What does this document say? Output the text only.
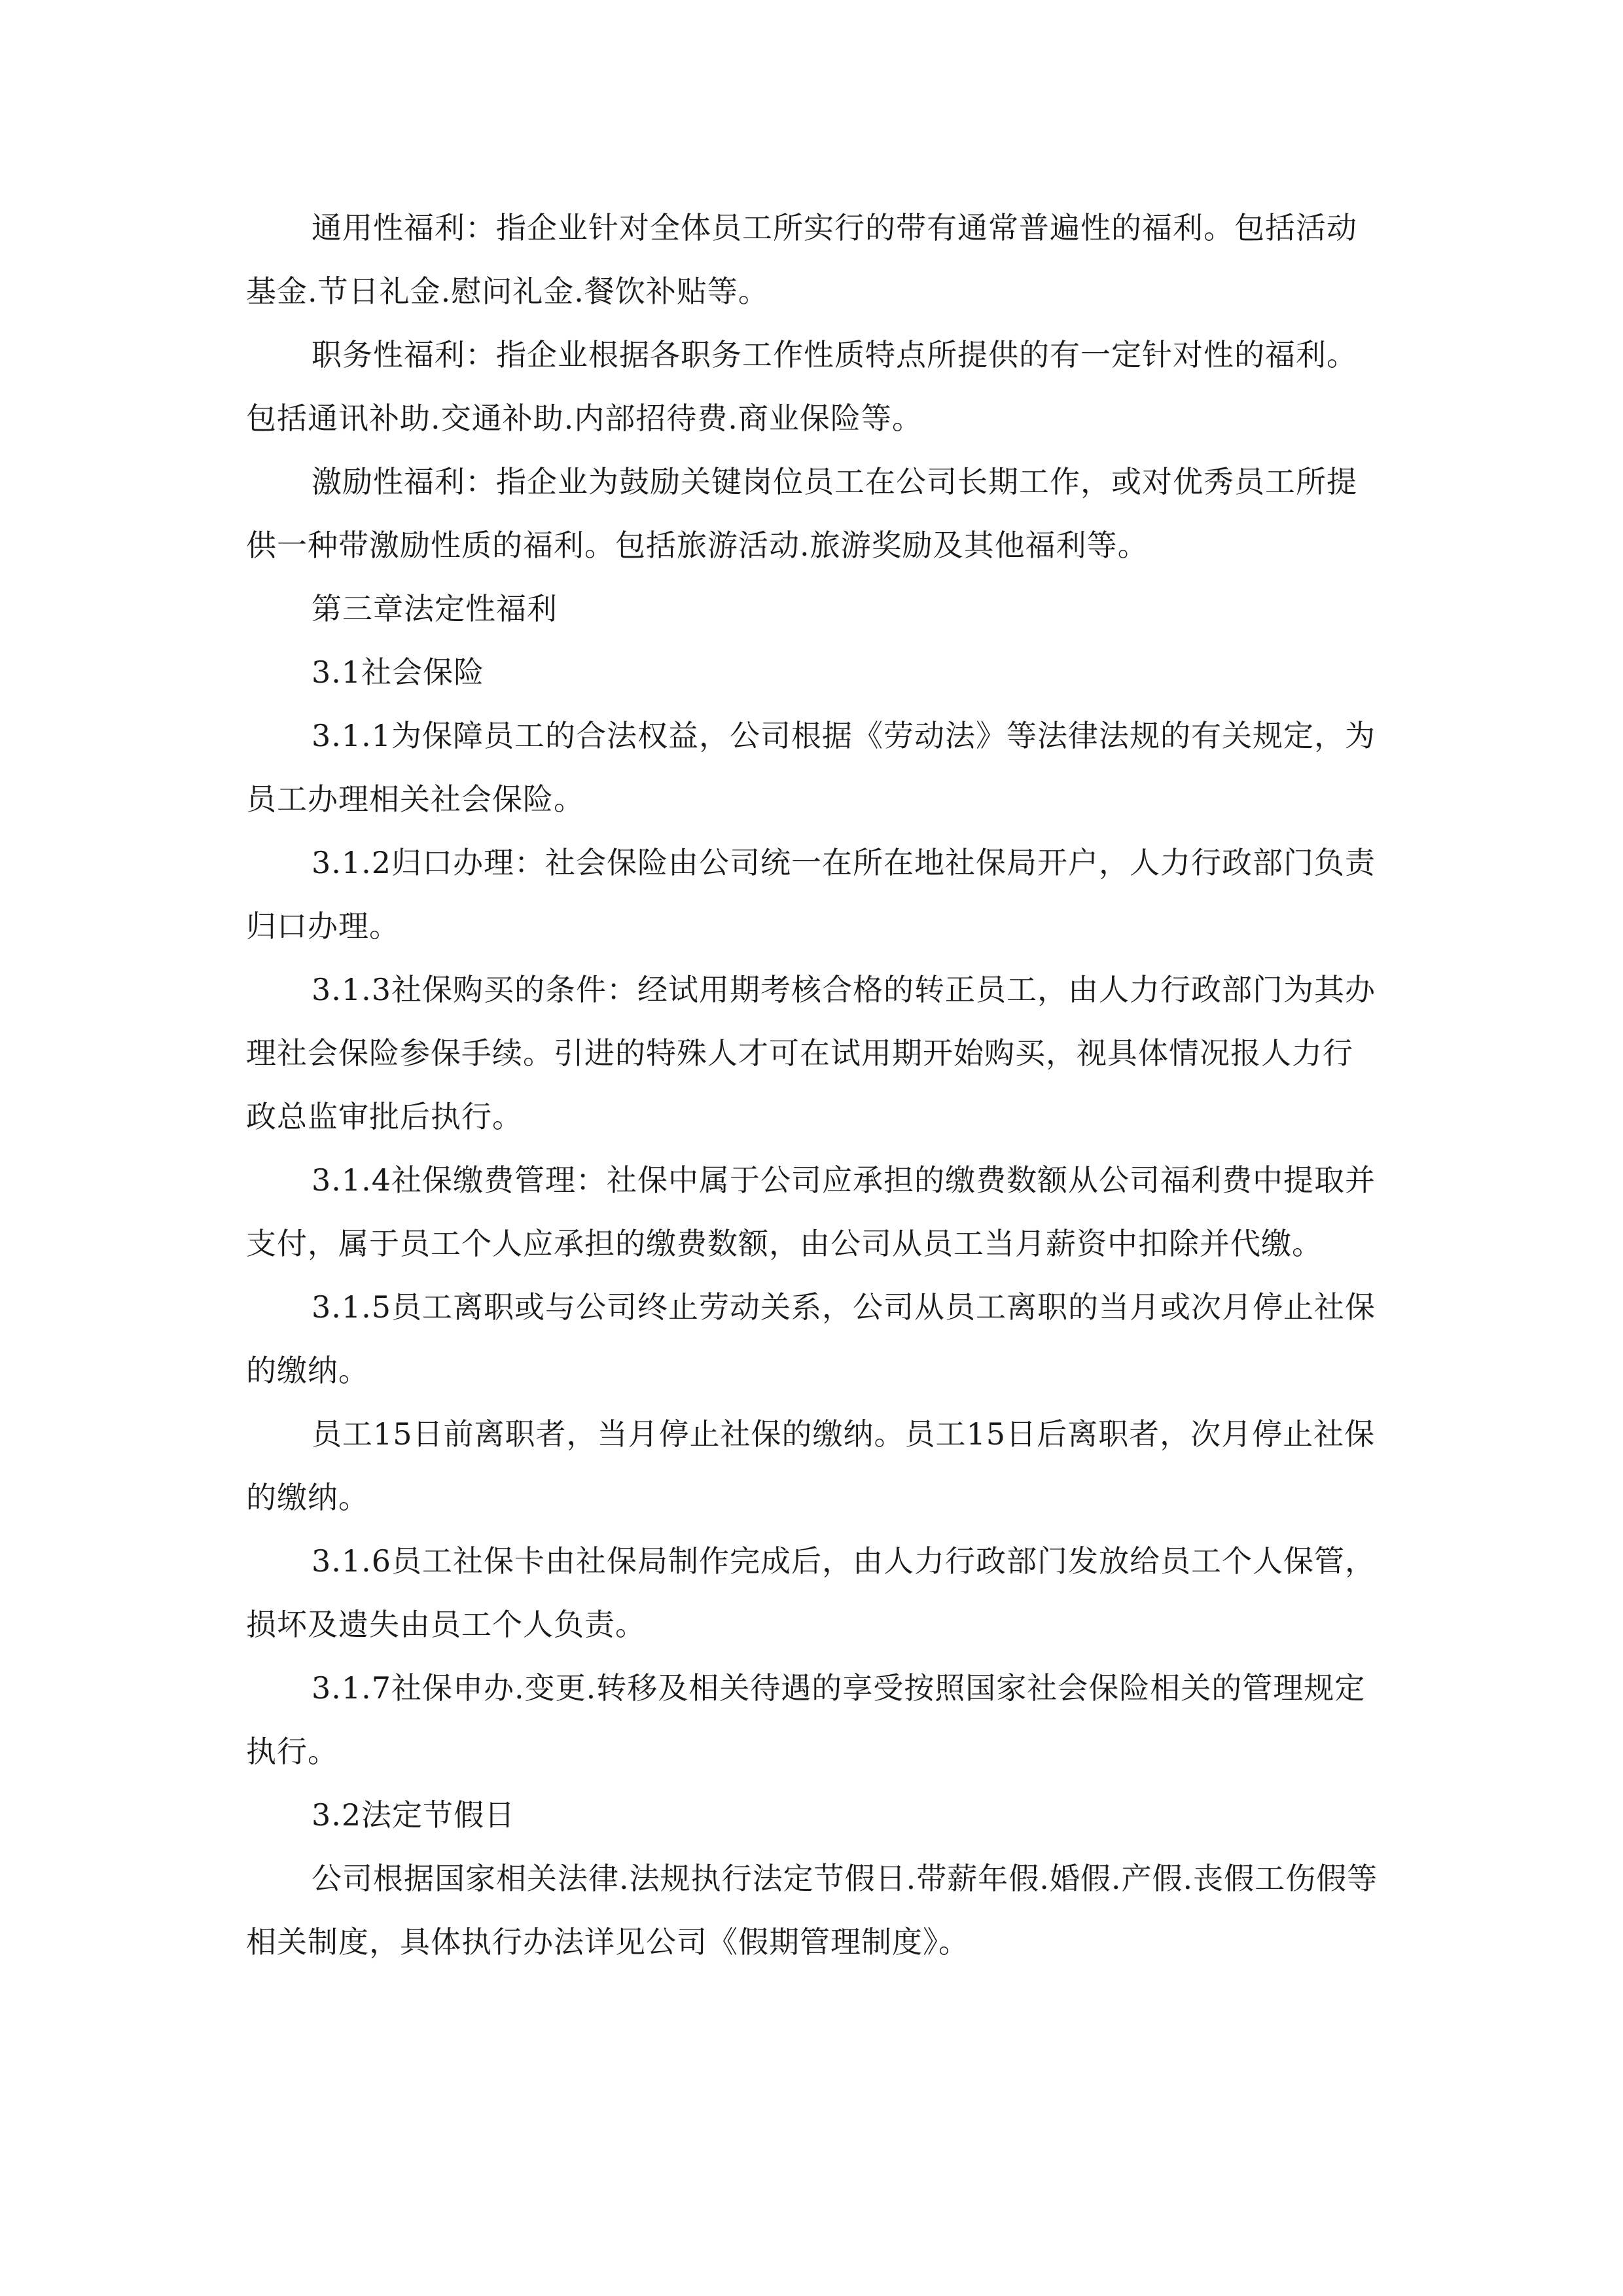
通用性福利：指企业针对全体员工所实行的带有通常普遍性的福利。包括活动基金.节日礼金.慰问礼金.餐饮补贴等。

职务性福利：指企业根据各职务工作性质特点所提供的有一定针对性的福利。包括通讯补助.交通补助.内部招待费.商业保险等。

激励性福利：指企业为鼓励关键岗位员工在公司长期工作，或对优秀员工所提供一种带激励性质的福利。包括旅游活动.旅游奖励及其他福利等。

第三章法定性福利

3.1社会保险

3.1.1为保障员工的合法权益，公司根据《劳动法》等法律法规的有关规定，为员工办理相关社会保险。

3.1.2归口办理：社会保险由公司统一在所在地社保局开户，人力行政部门负责归口办理。

3.1.3社保购买的条件：经试用期考核合格的转正员工，由人力行政部门为其办理社会保险参保手续。引进的特殊人才可在试用期开始购买，视具体情况报人力行政总监审批后执行。

3.1.4社保缴费管理：社保中属于公司应承担的缴费数额从公司福利费中提取并支付，属于员工个人应承担的缴费数额，由公司从员工当月薪资中扣除并代缴。

3.1.5员工离职或与公司终止劳动关系，公司从员工离职的当月或次月停止社保的缴纳。

员工15日前离职者，当月停止社保的缴纳。员工15日后离职者，次月停止社保的缴纳。

3.1.6员工社保卡由社保局制作完成后，由人力行政部门发放给员工个人保管，损坏及遗失由员工个人负责。

3.1.7社保申办.变更.转移及相关待遇的享受按照国家社会保险相关的管理规定执行。

3.2法定节假日

公司根据国家相关法律.法规执行法定节假日.带薪年假.婚假.产假.丧假工伤假等相关制度，具体执行办法详见公司《假期管理制度》。
